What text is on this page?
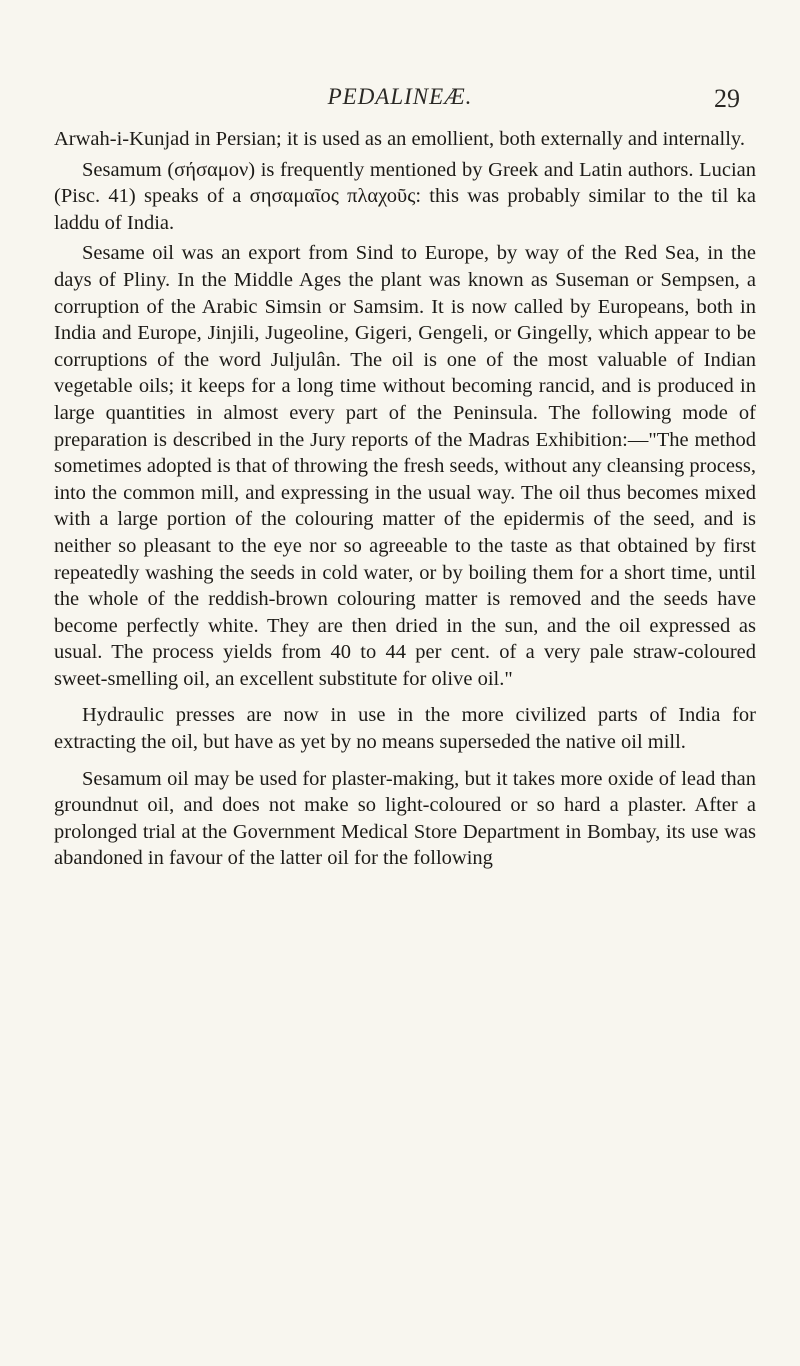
PEDALINEÆ.	29

Arwah-i-Kunjad in Persian; it is used as an emollient, both externally and internally.

Sesamum (σήσαμον) is frequently mentioned by Greek and Latin authors. Lucian (Pisc. 41) speaks of a σησαμαῖος πλαχοῦς: this was probably similar to the til ka laddu of India.

Sesame oil was an export from Sind to Europe, by way of the Red Sea, in the days of Pliny. In the Middle Ages the plant was known as Suseman or Sempsen, a corruption of the Arabic Simsin or Samsim. It is now called by Europeans, both in India and Europe, Jinjili, Jugeoline, Gigeri, Gengeli, or Gingelly, which appear to be corruptions of the word Juljulân. The oil is one of the most valuable of Indian vegetable oils; it keeps for a long time without becoming rancid, and is produced in large quantities in almost every part of the Peninsula. The following mode of preparation is described in the Jury reports of the Madras Exhibition:—"The method sometimes adopted is that of throwing the fresh seeds, without any cleansing process, into the common mill, and expressing in the usual way. The oil thus becomes mixed with a large portion of the colouring matter of the epidermis of the seed, and is neither so pleasant to the eye nor so agreeable to the taste as that obtained by first repeatedly washing the seeds in cold water, or by boiling them for a short time, until the whole of the reddish-brown colouring matter is removed and the seeds have become perfectly white. They are then dried in the sun, and the oil expressed as usual. The process yields from 40 to 44 per cent. of a very pale straw-coloured sweet-smelling oil, an excellent substitute for olive oil."

Hydraulic presses are now in use in the more civilized parts of India for extracting the oil, but have as yet by no means superseded the native oil mill.

Sesamum oil may be used for plaster-making, but it takes more oxide of lead than groundnut oil, and does not make so light-coloured or so hard a plaster. After a prolonged trial at the Government Medical Store Department in Bombay, its use was abandoned in favour of the latter oil for the following
